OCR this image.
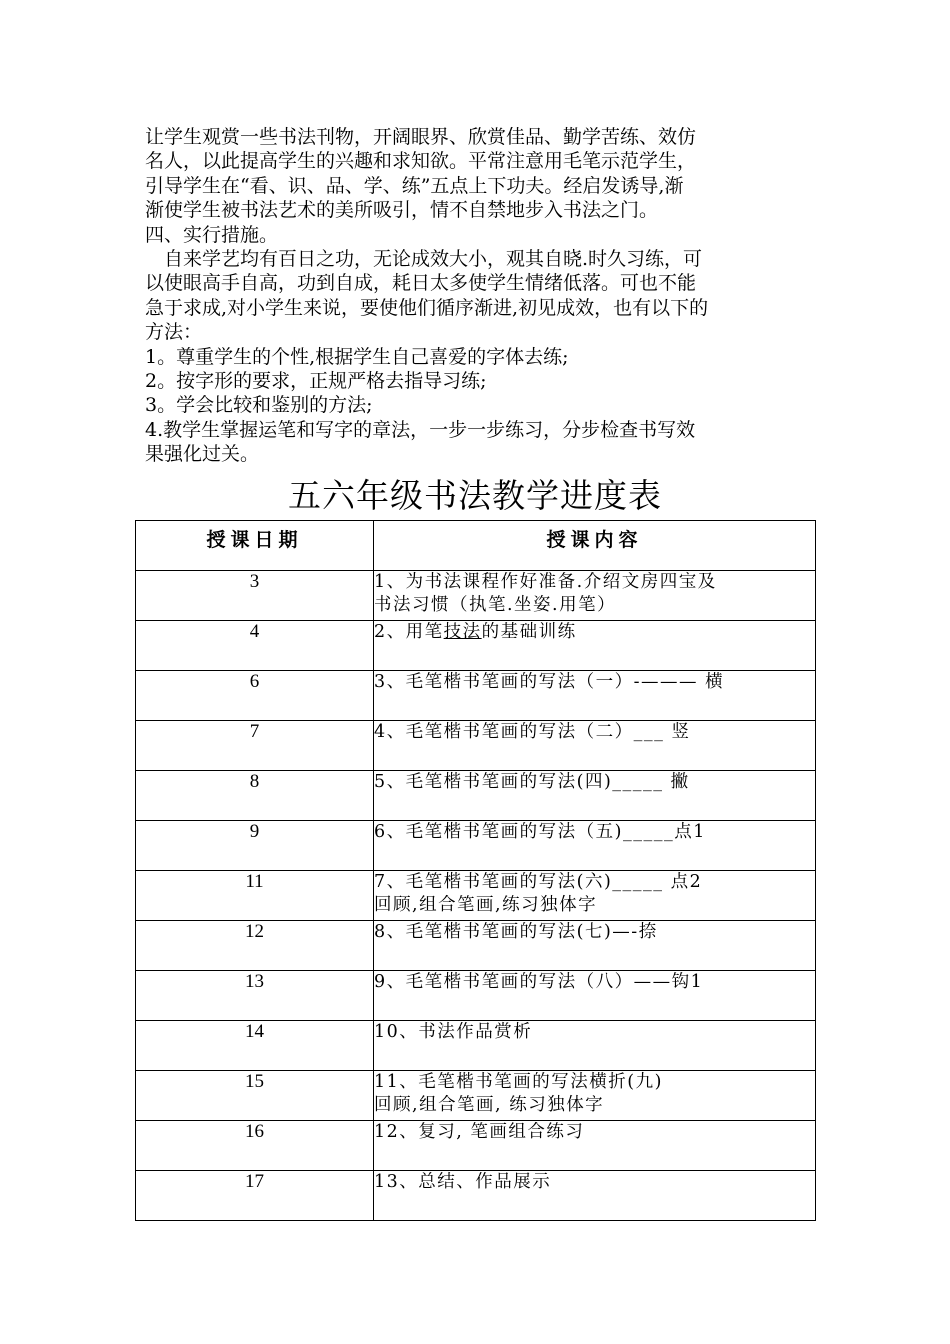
让学生观赏一些书法刊物，开阔眼界、欣赏佳品、勤学苦练、效仿
名人，以此提高学生的兴趣和求知欲。平常注意用毛笔示范学生，
引导学生在“看、识、品、学、练”五点上下功夫。经启发诱导,渐
渐使学生被书法艺术的美所吸引，情不自禁地步入书法之门。
四、实行措施。
　自来学艺均有百日之功，无论成效大小，观其自晓.时久习练，可
以使眼高手自高，功到自成，耗日太多使学生情绪低落。可也不能
急于求成,对小学生来说，要使他们循序渐进,初见成效，也有以下的
方法：
1。尊重学生的个性,根据学生自己喜爱的字体去练;
2。按字形的要求，正规严格去指导习练;
3。学会比较和鉴别的方法;
4.教学生掌握运笔和写字的章法，一步一步练习，分步检查书写效
果强化过关。
五六年级书法教学进度表
授课日期	授课内容
3	1、为书法课程作好准备.介绍文房四宝及
书法习惯（执笔.坐姿.用笔）

4	2、用笔技法的基础训练

6	3、毛笔楷书笔画的写法（一）-——— 横

7	4、毛笔楷书笔画的写法（二）___ 竖

8	5、毛笔楷书笔画的写法(四)_____ 撇

9	6、毛笔楷书笔画的写法（五)_____点1

11	7、毛笔楷书笔画的写法(六)_____ 点2
回顾,组合笔画,练习独体字

12	8、毛笔楷书笔画的写法(七)—-捺

13	9、毛笔楷书笔画的写法（八）——钩1

14	10、书法作品赏析

15	11、毛笔楷书笔画的写法横折(九)
回顾,组合笔画, 练习独体字

16	12、复习, 笔画组合练习

17	13、总结、作品展示
